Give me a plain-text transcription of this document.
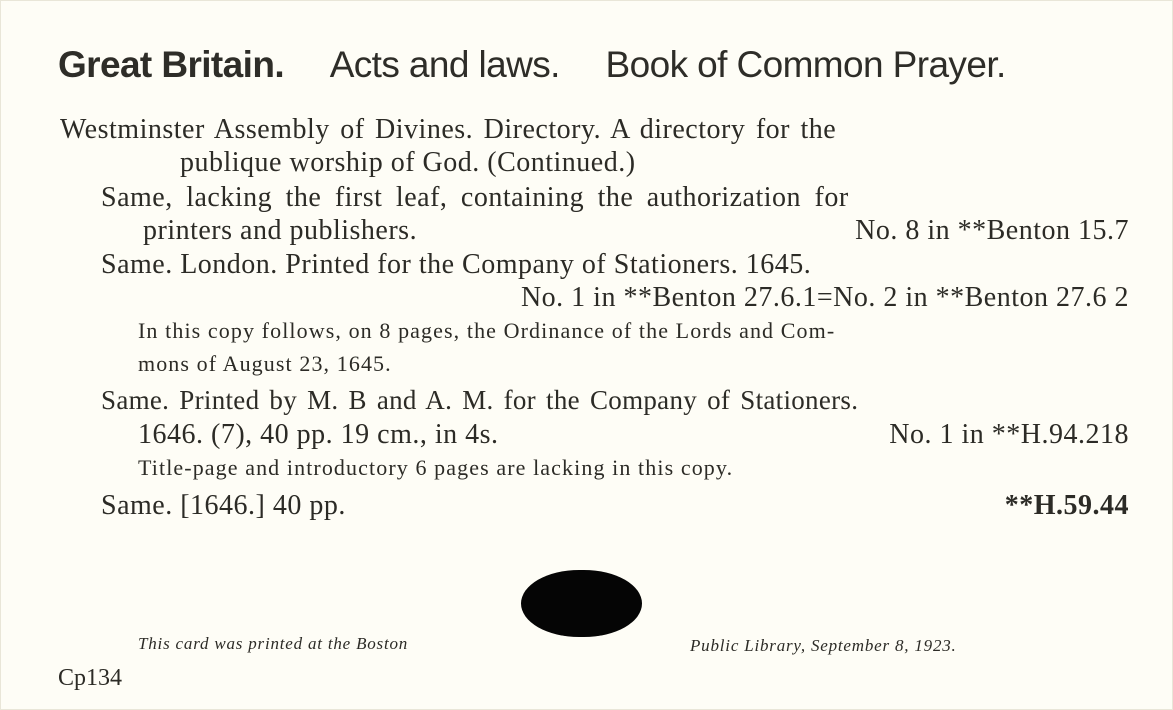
Great Britain. Acts and laws. Book of Common Prayer.
Westminster Assembly of Divines. Directory. A directory for the
publique worship of God. (Continued.)
Same, lacking the first leaf, containing the authorization for
printers and publishers.	No. 8 in **Benton 15.7
Same. London. Printed for the Company of Stationers. 1645.
No. 1 in **Benton 27.6.1=No. 2 in **Benton 27.6 2
In this copy follows, on 8 pages, the Ordinance of the Lords and Com-
mons of August 23, 1645.
Same. Printed by M. B and A. M. for the Company of Stationers.
1646. (7), 40 pp. 19 cm., in 4s.	No. 1 in **H.94.218
Title-page and introductory 6 pages are lacking in this copy.
Same. [1646.] 40 pp.	**H.59.44
This card was printed at the Boston	Public Library, September 8, 1923.
Cp134
